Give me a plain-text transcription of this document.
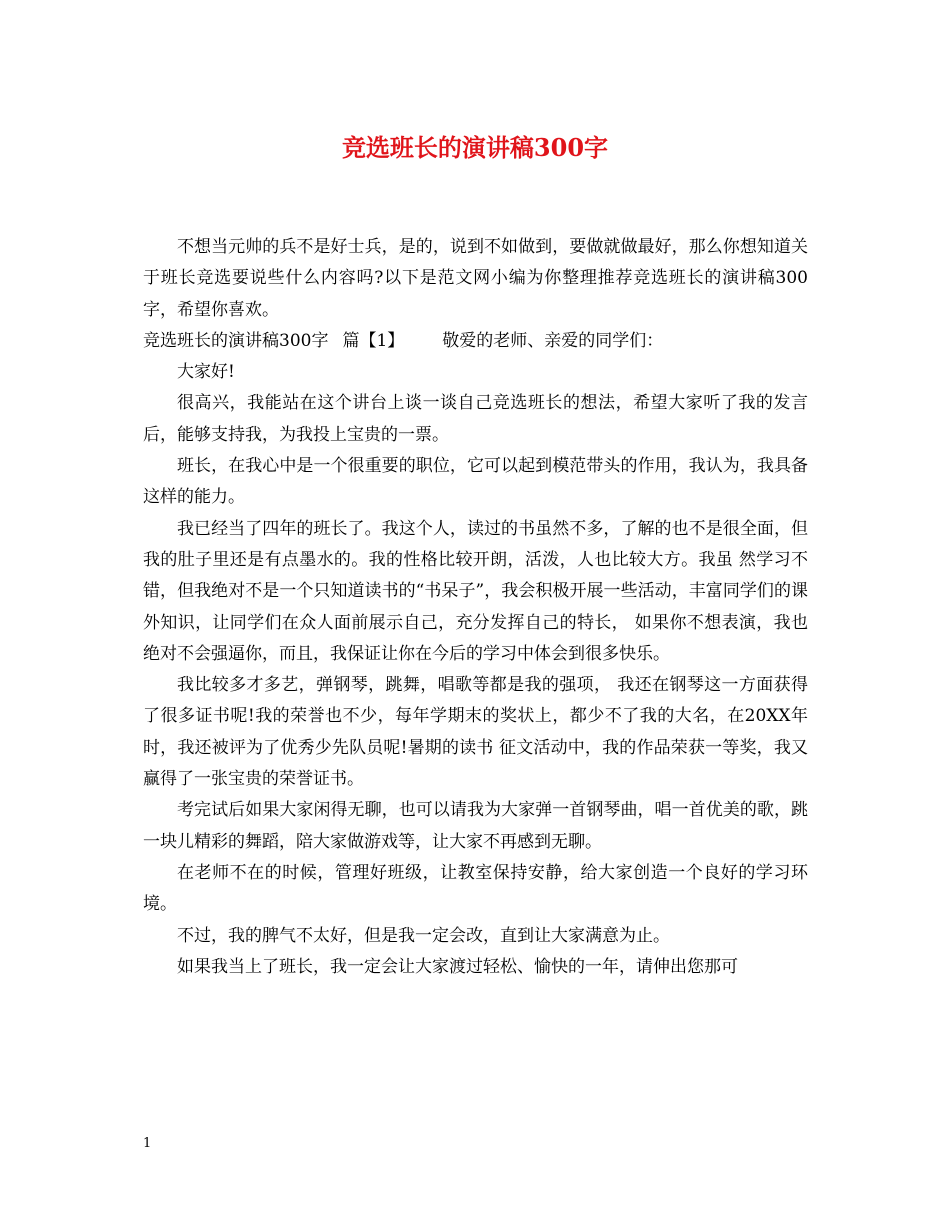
竞选班长的演讲稿300字

不想当元帅的兵不是好士兵，是的，说到不如做到，要做就做最好，那么你想知道关于班长竞选要说些什么内容吗?以下是范文网小编为你整理推荐竞选班长的演讲稿300字，希望你喜欢。

竞选班长的演讲稿300字 篇【1】 敬爱的老师、亲爱的同学们：

大家好!

很高兴，我能站在这个讲台上谈一谈自己竞选班长的想法，希望大家听了我的发言后，能够支持我，为我投上宝贵的一票。

班长，在我心中是一个很重要的职位，它可以起到模范带头的作用，我认为，我具备这样的能力。

我已经当了四年的班长了。我这个人，读过的书虽然不多，了解的也不是很全面，但我的肚子里还是有点墨水的。我的性格比较开朗，活泼，人也比较大方。我虽 然学习不错，但我绝对不是一个只知道读书的“书呆子”，我会积极开展一些活动，丰富同学们的课外知识，让同学们在众人面前展示自己，充分发挥自己的特长， 如果你不想表演，我也绝对不会强逼你，而且，我保证让你在今后的学习中体会到很多快乐。

我比较多才多艺，弹钢琴，跳舞，唱歌等都是我的强项， 我还在钢琴这一方面获得了很多证书呢!我的荣誉也不少，每年学期末的奖状上，都少不了我的大名，在20XX年时，我还被评为了优秀少先队员呢!暑期的读书 征文活动中，我的作品荣获一等奖，我又赢得了一张宝贵的荣誉证书。

考完试后如果大家闲得无聊，也可以请我为大家弹一首钢琴曲，唱一首优美的歌，跳一块儿精彩的舞蹈，陪大家做游戏等，让大家不再感到无聊。

在老师不在的时候，管理好班级，让教室保持安静，给大家创造一个良好的学习环境。

不过，我的脾气不太好，但是我一定会改，直到让大家满意为止。

如果我当上了班长，我一定会让大家渡过轻松、愉快的一年，请伸出您那可

1
